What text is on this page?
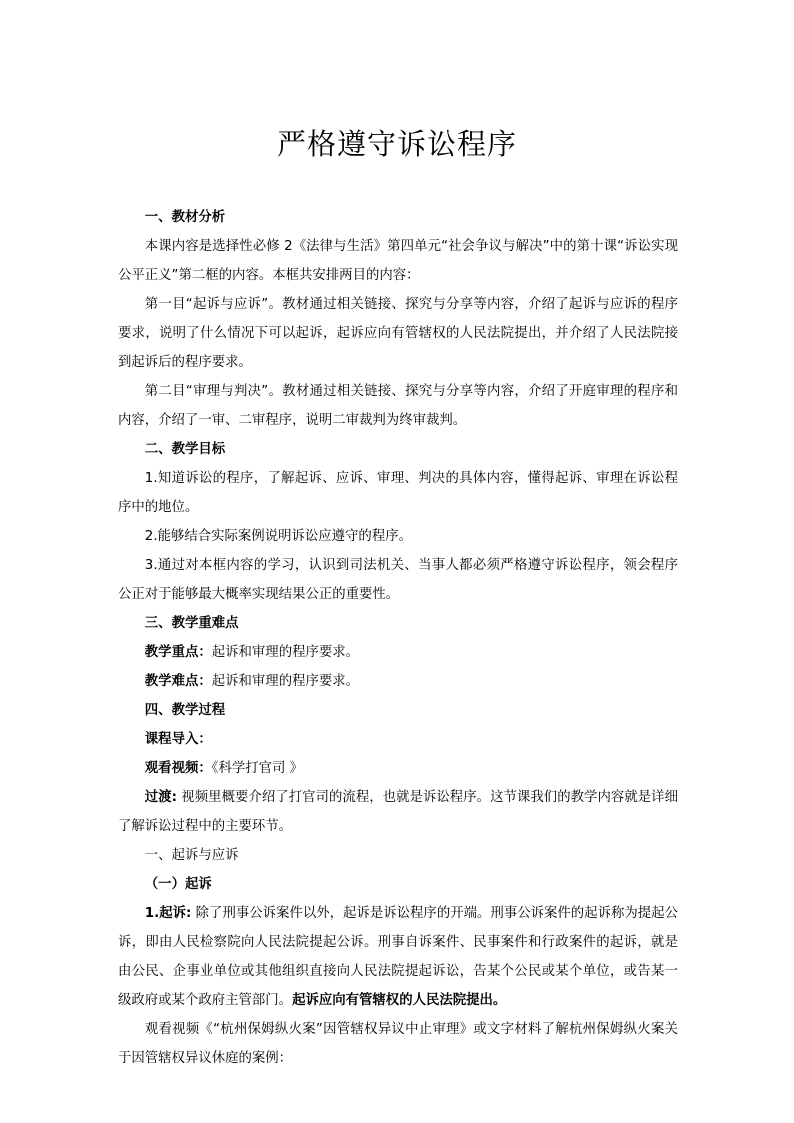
严格遵守诉讼程序

一、教材分析

本课内容是选择性必修 2《法律与生活》第四单元“社会争议与解决”中的第十课“诉讼实现公平正义”第二框的内容。本框共安排两目的内容：

第一目“起诉与应诉”。教材通过相关链接、探究与分享等内容，介绍了起诉与应诉的程序要求，说明了什么情况下可以起诉，起诉应向有管辖权的人民法院提出，并介绍了人民法院接到起诉后的程序要求。

第二目“审理与判决”。教材通过相关链接、探究与分享等内容，介绍了开庭审理的程序和内容，介绍了一审、二审程序，说明二审裁判为终审裁判。

二、教学目标

1.知道诉讼的程序，了解起诉、应诉、审理、判决的具体内容，懂得起诉、审理在诉讼程序中的地位。

2.能够结合实际案例说明诉讼应遵守的程序。

3.通过对本框内容的学习，认识到司法机关、当事人都必须严格遵守诉讼程序，领会程序公正对于能够最大概率实现结果公正的重要性。

三、教学重难点

教学重点：起诉和审理的程序要求。

教学难点：起诉和审理的程序要求。

四、教学过程

课程导入：

观看视频：《科学打官司 》

过渡: 视频里概要介绍了打官司的流程，也就是诉讼程序。这节课我们的教学内容就是详细了解诉讼过程中的主要环节。

一、起诉与应诉

（一）起诉

1.起诉: 除了刑事公诉案件以外，起诉是诉讼程序的开端。刑事公诉案件的起诉称为提起公诉，即由人民检察院向人民法院提起公诉。刑事自诉案件、民事案件和行政案件的起诉，就是由公民、企事业单位或其他组织直接向人民法院提起诉讼，告某个公民或某个单位，或告某一级政府或某个政府主管部门。起诉应向有管辖权的人民法院提出。

观看视频《“杭州保姆纵火案”因管辖权异议中止审理》或文字材料了解杭州保姆纵火案关于因管辖权异议休庭的案例：
